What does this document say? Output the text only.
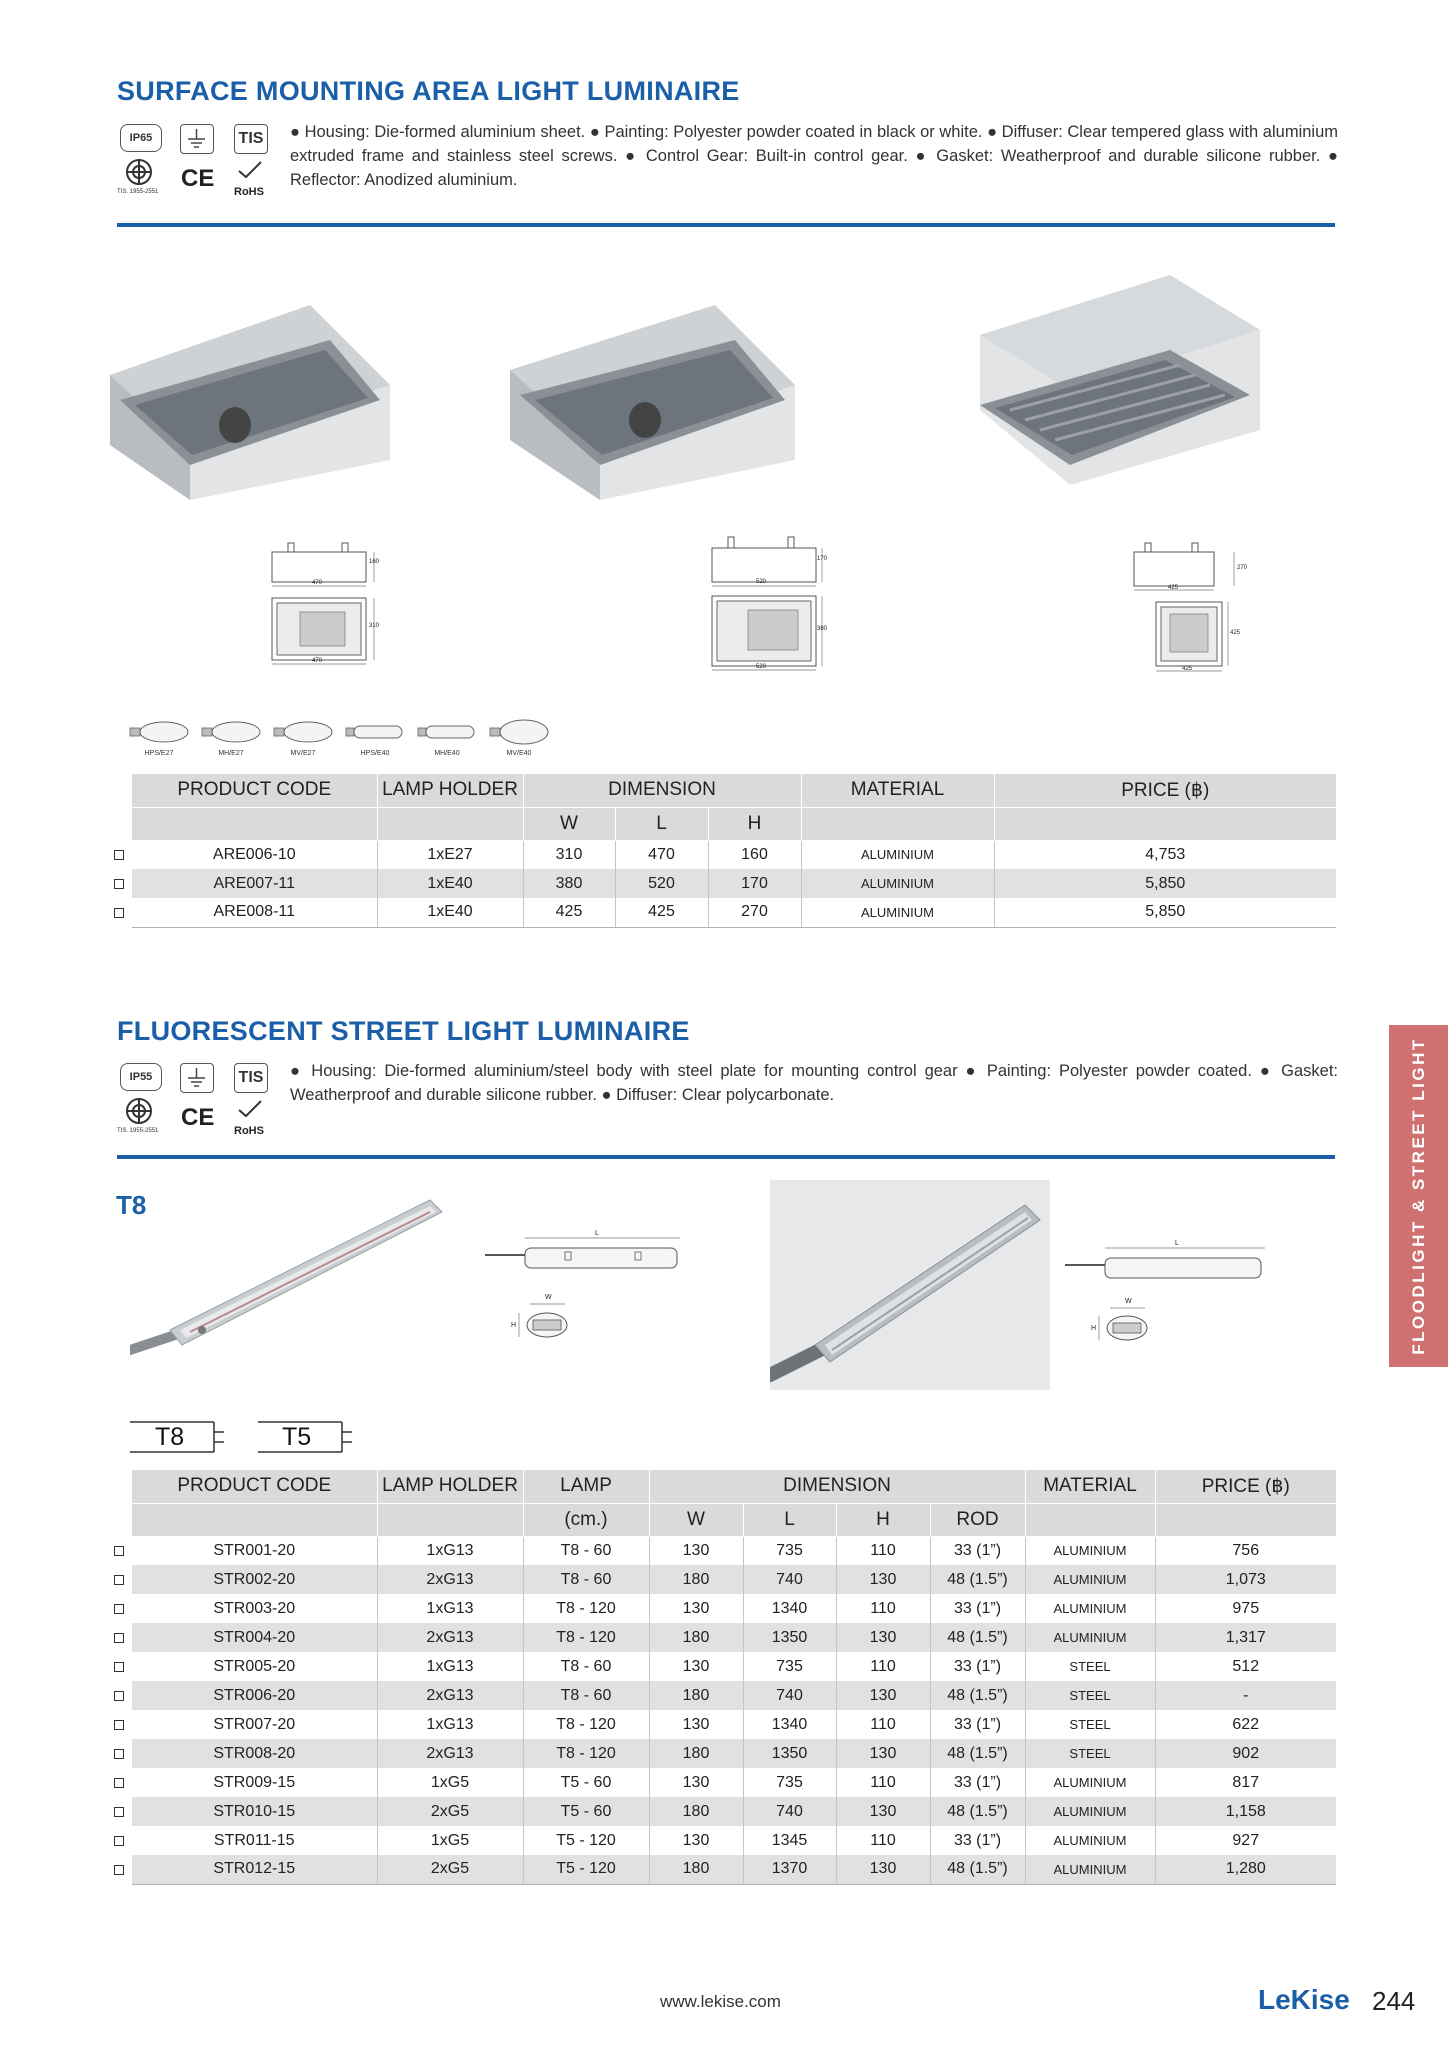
SURFACE MOUNTING AREA LIGHT LUMINAIRE
IP65	TIS
TIS. 1955-2551 CE RoHS
● Housing: Die-formed aluminium sheet. ● Painting: Polyester powder coated in black or white. ● Diffuser: Clear tempered glass with aluminium extruded frame and stainless steel screws. ● Control Gear: Built-in control gear. ● Gasket: Weatherproof and durable silicone rubber. ● Reflector: Anodized aluminium.
470
160
310
470
520
170
380
520
425
270
425
425
HPS/E27	MH/E27	MV/E27	HPS/E40	MH/E40	MV/E40
PRODUCT CODE	LAMP HOLDER	DIMENSION			MATERIAL	PRICE (฿)
		W	L	H		
ARE006-10	1xE27	310	470	160	ALUMINIUM	4,753
ARE007-11	1xE40	380	520	170	ALUMINIUM	5,850
ARE008-11	1xE40	425	425	270	ALUMINIUM	5,850
FLUORESCENT STREET LIGHT LUMINAIRE
IP55	TIS
TIS. 1955-2551 CE RoHS
● Housing: Die-formed aluminium/steel body with steel plate for mounting control gear ● Painting: Polyester powder coated. ● Gasket: Weatherproof and durable silicone rubber. ● Diffuser: Clear polycarbonate.
T8
L
W
H
L
W
H
T8	T5
PRODUCT CODE	LAMP HOLDER	LAMP	DIMENSION				MATERIAL	PRICE (฿)
		(cm.)	W	L	H	ROD		
STR001-20	1xG13	T8 - 60	130	735	110	33 (1”)	ALUMINIUM	756
STR002-20	2xG13	T8 - 60	180	740	130	48 (1.5”)	ALUMINIUM	1,073
STR003-20	1xG13	T8 - 120	130	1340	110	33 (1”)	ALUMINIUM	975
STR004-20	2xG13	T8 - 120	180	1350	130	48 (1.5”)	ALUMINIUM	1,317
STR005-20	1xG13	T8 - 60	130	735	110	33 (1”)	STEEL	512
STR006-20	2xG13	T8 - 60	180	740	130	48 (1.5”)	STEEL	-
STR007-20	1xG13	T8 - 120	130	1340	110	33 (1”)	STEEL	622
STR008-20	2xG13	T8 - 120	180	1350	130	48 (1.5”)	STEEL	902
STR009-15	1xG5	T5 - 60	130	735	110	33 (1”)	ALUMINIUM	817
STR010-15	2xG5	T5 - 60	180	740	130	48 (1.5”)	ALUMINIUM	1,158
STR011-15	1xG5	T5 - 120	130	1345	110	33 (1”)	ALUMINIUM	927
STR012-15	2xG5	T5 - 120	180	1370	130	48 (1.5”)	ALUMINIUM	1,280
FLOODLIGHT & STREET LIGHT
www.lekise.com	LeKise 244
